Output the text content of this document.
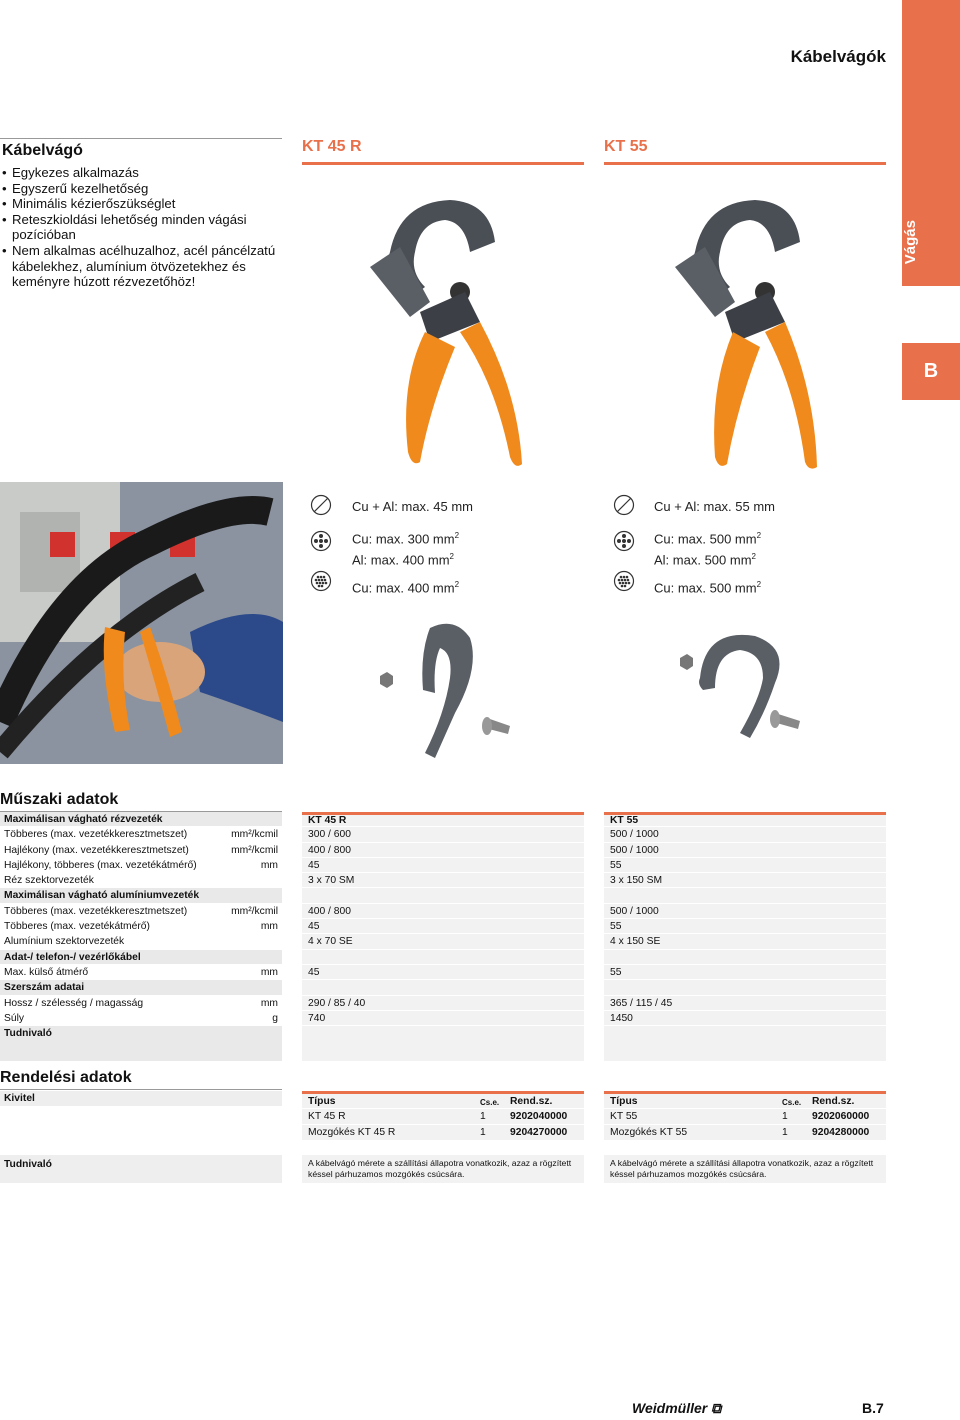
Vágás
B
Kábelvágók
Kábelvágó
• Egykezes alkalmazás
• Egyszerű kezelhetőség
• Minimális kézierőszükséglet
• Reteszkioldási lehetőség minden vágási pozícióban
• Nem alkalmas acélhuzalhoz, acél páncélzatú kábelekhez, alumínium ötvözetekhez és keményre húzott rézvezetőhöz!
KT 45 R	KT 55
Cu + Al: max. 45 mm
Cu: max. 300 $mm^2$
Al: max. 400 $mm^2$
Cu: max. 400 $mm^2$
Cu + Al: max. 55 mm
Cu: max. 500 $mm^2$
Al: max. 500 $mm^2$
Cu: max. 500 $mm^2$
Műszaki adatok
Maximálisan vágható rézvezeték	KT 45 R	KT 55
Többeres (max. vezetékkeresztmetszet)	mm²/kcmil	300 / 600	500 / 1000
Hajlékony (max. vezetékkeresztmetszet)	mm²/kcmil	400 / 800	500 / 1000
Hajlékony, többeres (max. vezetékátmérő)	mm	45	55
Réz szektorvezeték	3 x 70 SM	3 x 150 SM
Maximálisan vágható alumíniumvezeték
Többeres (max. vezetékkeresztmetszet)	mm²/kcmil	400 / 800	500 / 1000
Többeres (max. vezetékátmérő)	mm	45	55
Alumínium szektorvezeték	4 x 70 SE	4 x 150 SE
Adat-/ telefon-/ vezérlőkábel
Max. külső átmérő	mm	45	55
Szerszám adatai
Hossz / szélesség / magasság	mm	290 / 85 / 40	365 / 115 / 45
Súly	g	740	1450
Tudnivaló
Rendelési adatok
Kivitel	Típus	Cs.e. Rend.sz.
KT 45 R	1 9202040000
Mozgókés KT 45 R	1 9204270000
Típus	Cs.e. Rend.sz.
KT 55	1 9202060000
Mozgókés KT 55	1 9204280000
Tudnivaló	A kábelvágó mérete a szállítási állapotra vonatkozik, azaz a rögzített késsel párhuzamos mozgókés csúcsára.
A kábelvágó mérete a szállítási állapotra vonatkozik, azaz a rögzített késsel párhuzamos mozgókés csúcsára.
Weidmüller ⧉	B.7
